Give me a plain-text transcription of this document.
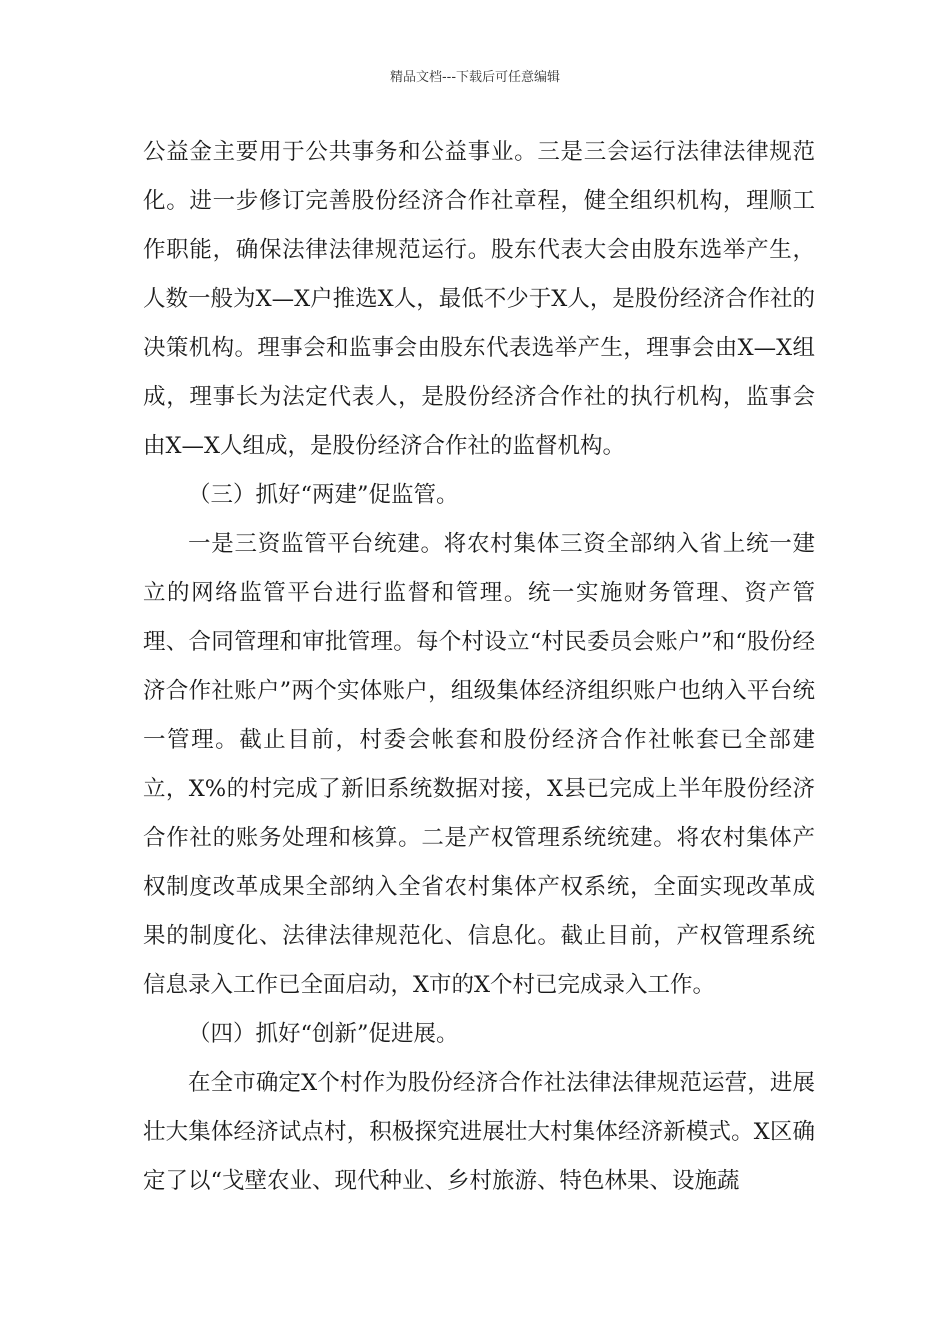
精品文档---下载后可任意编辑

公益金主要用于公共事务和公益事业。三是三会运行法律法律规范化。进一步修订完善股份经济合作社章程，健全组织机构，理顺工作职能，确保法律法律规范运行。股东代表大会由股东选举产生，人数一般为X—X户推选X人，最低不少于X人，是股份经济合作社的决策机构。理事会和监事会由股东代表选举产生，理事会由X—X组成，理事长为法定代表人，是股份经济合作社的执行机构，监事会由X—X人组成，是股份经济合作社的监督机构。

（三）抓好“两建”促监管。

一是三资监管平台统建。将农村集体三资全部纳入省上统一建立的网络监管平台进行监督和管理。统一实施财务管理、资产管理、合同管理和审批管理。每个村设立“村民委员会账户”和“股份经济合作社账户”两个实体账户，组级集体经济组织账户也纳入平台统一管理。截止目前，村委会帐套和股份经济合作社帐套已全部建立，X%的村完成了新旧系统数据对接，X县已完成上半年股份经济合作社的账务处理和核算。二是产权管理系统统建。将农村集体产权制度改革成果全部纳入全省农村集体产权系统，全面实现改革成果的制度化、法律法律规范化、信息化。截止目前，产权管理系统信息录入工作已全面启动，X市的X个村已完成录入工作。

（四）抓好“创新”促进展。

在全市确定X个村作为股份经济合作社法律法律规范运营，进展壮大集体经济试点村，积极探究进展壮大村集体经济新模式。X区确定了以“戈壁农业、现代种业、乡村旅游、特色林果、设施蔬
